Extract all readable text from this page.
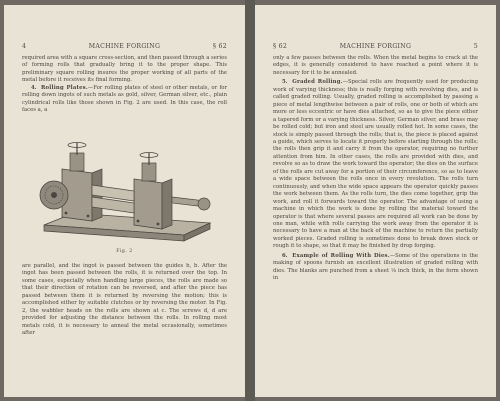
4	MACHINE FORGING	§ 62

required area with a square cross-section, and then passed through a series of forming rolls that gradually bring it to the proper shape. This preliminary square rolling insures the proper working of all parts of the metal before it receives its final forming.

4. Rolling Plates.—For rolling plates of steel or other metals, or for rolling down ingots of such metals as gold, silver, German silver, etc., plain cylindrical rolls like those shown in Fig. 2 are used. In this case, the roll faces a, a

Fig. 2

are parallel, and the ingot is passed between the guides b, b. After the ingot has been passed between the rolls, it is returned over the top. In some cases, especially when handling large pieces, the rolls are made so that their direction of rotation can be reversed, and after the piece has passed between them it is returned by reversing the motion; this is accomplished either by suitable clutches or by reversing the motor. In Fig. 2, the wabbler heads on the rolls are shown at c. The screws d, d are provided for adjusting the distance between the rolls. In rolling most metals cold, it is necessary to anneal the metal occasionally, sometimes after

§ 62	MACHINE FORGING	5

only a few passes between the rolls. When the metal begins to crack at the edges, it is generally considered to have reached a point where it is necessary for it to be annealed.

5. Graded Rolling.—Special rolls are frequently used for producing work of varying thickness; this is really forging with revolving dies, and is called graded rolling. Usually, graded rolling is accomplished by passing a piece of metal lengthwise between a pair of rolls, one or both of which are more or less eccentric or have dies attached, so as to give the piece either a tapered form or a varying thickness. Silver, German silver, and brass may be rolled cold; but iron and steel are usually rolled hot. In some cases, the stock is simply passed through the rolls; that is, the piece is placed against a guide, which serves to locate it properly before starting through the rolls; the rolls then grip it and carry it from the operator, requiring no further attention from him. In other cases, the rolls are provided with dies, and revolve so as to draw the work toward the operator; the dies on the surface of the rolls are cut away for a portion of their circumference, so as to leave a wide space between the rolls once in every revolution. The rolls turn continuously, and when the wide space appears the operator quickly passes the work between them. As the rolls turn, the dies come together, grip the work, and roll it forwards toward the operator. The advantage of using a machine in which the work is done by rolling the material toward the operator is that where several passes are required all work can be done by one man, while with rolls carrying the work away from the operator it is necessary to have a man at the back of the machine to return the partially worked pieces. Graded rolling is sometimes done to break down stock or rough it to shape, so that it may be finished by drop forging.

6. Example of Rolling With Dies.—Some of the operations in the making of spoons furnish an excellent illustration of graded rolling with dies. The blanks are punched from a sheet ⅛ inch thick, in the form shown in
